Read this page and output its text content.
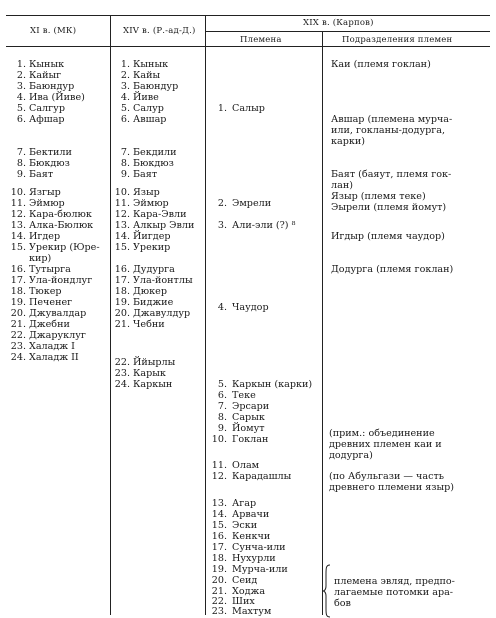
XI в. (МК)	XIV в. (Р.-ад-Д.)
XIX в. (Карпов)
Племена	Подразделения племен
1. Кынык
2. Кайыг
3. Баюндур
4. Ива (Йиве)
5. Салгур
6. Афшар
7. Бектили
8. Бюкдюз
9. Баят
10. Язгыр
11. Эймюр
12. Кара-бюлюк
13. Алка-Бюлюк
14. Игдер
15. Урекир (Юре-
кир)
16. Тутырга
17. Ула-йондлуг
18. Тюкер
19. Печенег
20. Джувалдар
21. Джебни
22. Джаруклуг
23. Халадж I
24. Халадж II
1. Кынык
2. Кайы
3. Баюндур
4. Йиве
5. Салур
6. Авшар
7. Бекдили
8. Бюкдюз
9. Баят
10. Языр
11. Эймюр
12. Кара-Эвли
13. Алкыр Эвли
14. Йигдер
15. Урекир
16. Дудурга
17. Ула-йонтлы
18. Дюкер
19. Биджие
20. Джавулдур
21. Чебни
22. Ййырлы
23. Карык
24. Каркын
1. Салыр
2. Эмрели
3. Али-эли (?) ⁸
4. Чаудор
5. Каркын (карки)
6. Теке
7. Эрсари
8. Сарык
9. Йомут
10. Гоклан
11. Олам
12. Карадашлы
13. Агар
14. Арвачи
15. Эски
16. Кенкчи
17. Сунча-или
18. Нухурли
19. Мурча-или
20. Сеид
21. Ходжа
22. Ших
23. Махтум
Каи (племя гоклан)
Авшар (племена мурча-
или, гокланы-додурга,
карки)
Баят (баяут, племя гок-
лан)
Языр (племя теке)
Эырели (племя йомут)
Игдыр (племя чаудор)
Додурга (племя гоклан)
(прим.: объединение
древних племен каи и
додурга)
(по Абульгази — часть
древнего племени языр)
племена эвляд, предпо-
лагаемые потомки ара-
бов
